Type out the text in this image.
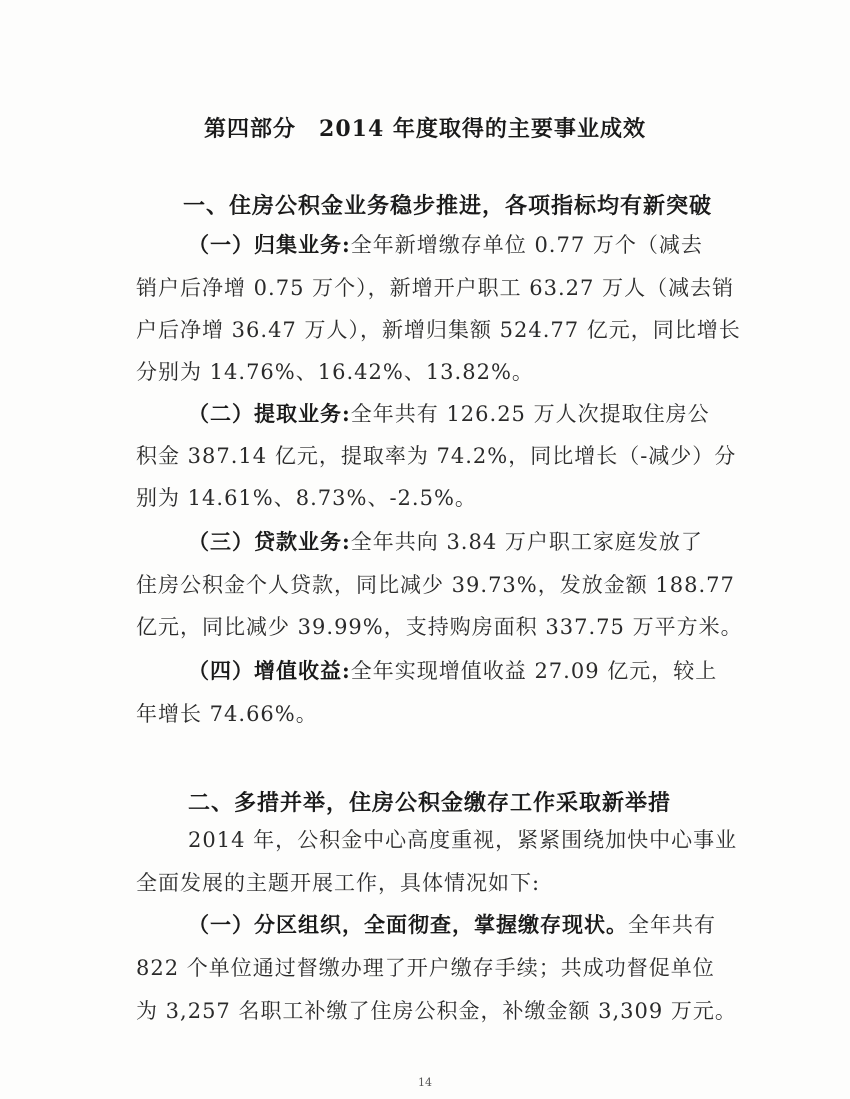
第四部分　2014 年度取得的主要事业成效
一、住房公积金业务稳步推进，各项指标均有新突破
（一）归集业务:全年新增缴存单位 0.77 万个（减去
销户后净增 0.75 万个），新增开户职工 63.27 万人（减去销
户后净增 36.47 万人），新增归集额 524.77 亿元，同比增长
分别为 14.76%、16.42%、13.82%。
（二）提取业务:全年共有 126.25 万人次提取住房公
积金 387.14 亿元，提取率为 74.2%，同比增长（-减少）分
别为 14.61%、8.73%、-2.5%。
（三）贷款业务:全年共向 3.84 万户职工家庭发放了
住房公积金个人贷款，同比减少 39.73%，发放金额 188.77
亿元，同比减少 39.99%，支持购房面积 337.75 万平方米。
（四）增值收益:全年实现增值收益 27.09 亿元，较上
年增长 74.66%。
二、多措并举，住房公积金缴存工作采取新举措
2014 年，公积金中心高度重视，紧紧围绕加快中心事业
全面发展的主题开展工作，具体情况如下:
（一）分区组织，全面彻查，掌握缴存现状。全年共有
822 个单位通过督缴办理了开户缴存手续；共成功督促单位
为 3,257 名职工补缴了住房公积金，补缴金额 3,309 万元。
14
